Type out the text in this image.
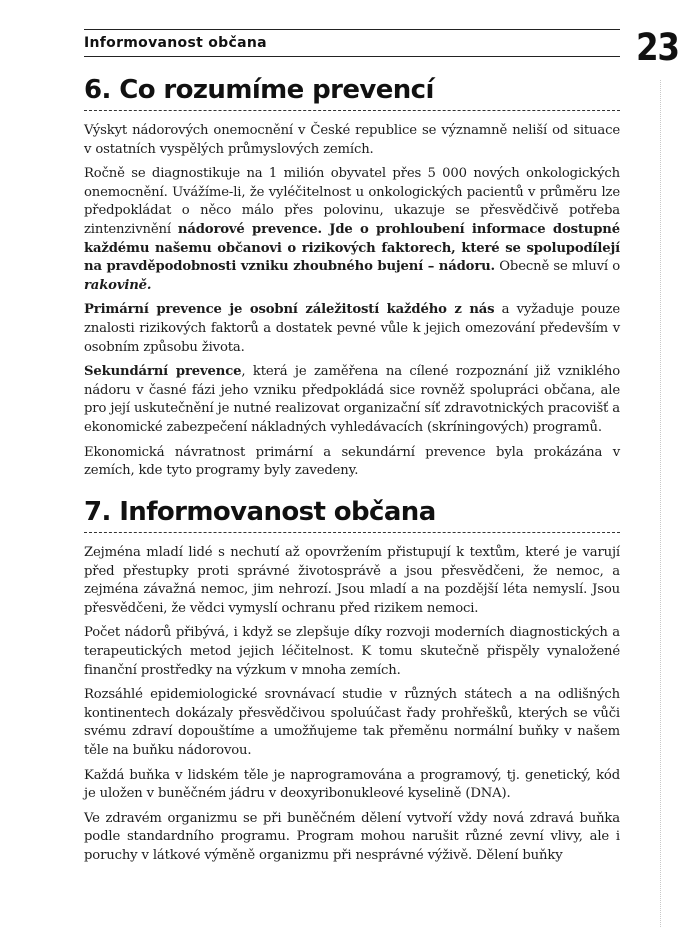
Informovanost občana	23
6. Co rozumíme prevencí

Výskyt nádorových onemocnění v České republice se významně neliší od situace v ostatních vyspělých průmyslových zemích.

Ročně se diagnostikuje na 1 milión obyvatel přes 5 000 nových onkologických onemocnění. Uvážíme-li, že vyléčitelnost u onkologických pacientů v průměru lze předpokládat o něco málo přes polovinu, ukazuje se přesvědčivě potřeba zintenzivnění nádorové prevence. Jde o prohloubení informace dostupné každému našemu občanovi o rizikových faktorech, které se spolupodílejí na pravděpodobnosti vzniku zhoubného bujení – nádoru. Obecně se mluví o rakovině.

Primární prevence je osobní záležitostí každého z nás a vyžaduje pouze znalosti rizikových faktorů a dostatek pevné vůle k jejich omezování především v osobním způsobu života.

Sekundární prevence, která je zaměřena na cílené rozpoznání již vzniklého nádoru v časné fázi jeho vzniku předpokládá sice rovněž spolupráci občana, ale pro její uskutečnění je nutné realizovat organizační síť zdravotnických pracovišť a ekonomické zabezpečení nákladných vyhledávacích (skríningových) programů.

Ekonomická návratnost primární a sekundární prevence byla prokázána v zemích, kde tyto programy byly zavedeny.

7. Informovanost občana

Zejména mladí lidé s nechutí až opovržením přistupují k textům, které je varují před přestupky proti správné životosprávě a jsou přesvědčeni, že nemoc, a zejména závažná nemoc, jim nehrozí. Jsou mladí a na pozdější léta nemyslí. Jsou přesvědčeni, že vědci vymyslí ochranu před rizikem nemoci.

Počet nádorů přibývá, i když se zlepšuje díky rozvoji moderních diagnostických a terapeutických metod jejich léčitelnost. K tomu skutečně přispěly vynaložené finanční prostředky na výzkum v mnoha zemích.

Rozsáhlé epidemiologické srovnávací studie v různých státech a na odlišných kontinentech dokázaly přesvědčivou spoluúčast řady prohřešků, kterých se vůči svému zdraví dopouštíme a umožňujeme tak přeměnu normální buňky v našem těle na buňku nádorovou.

Každá buňka v lidském těle je naprogramována a programový, tj. genetický, kód je uložen v buněčném jádru v deoxyribonukleové kyselině (DNA).

Ve zdravém organizmu se při buněčném dělení vytvoří vždy nová zdravá buňka podle standardního programu. Program mohou narušit různé zevní vlivy, ale i poruchy v látkové výměně organizmu při nesprávné výživě. Dělení buňky
